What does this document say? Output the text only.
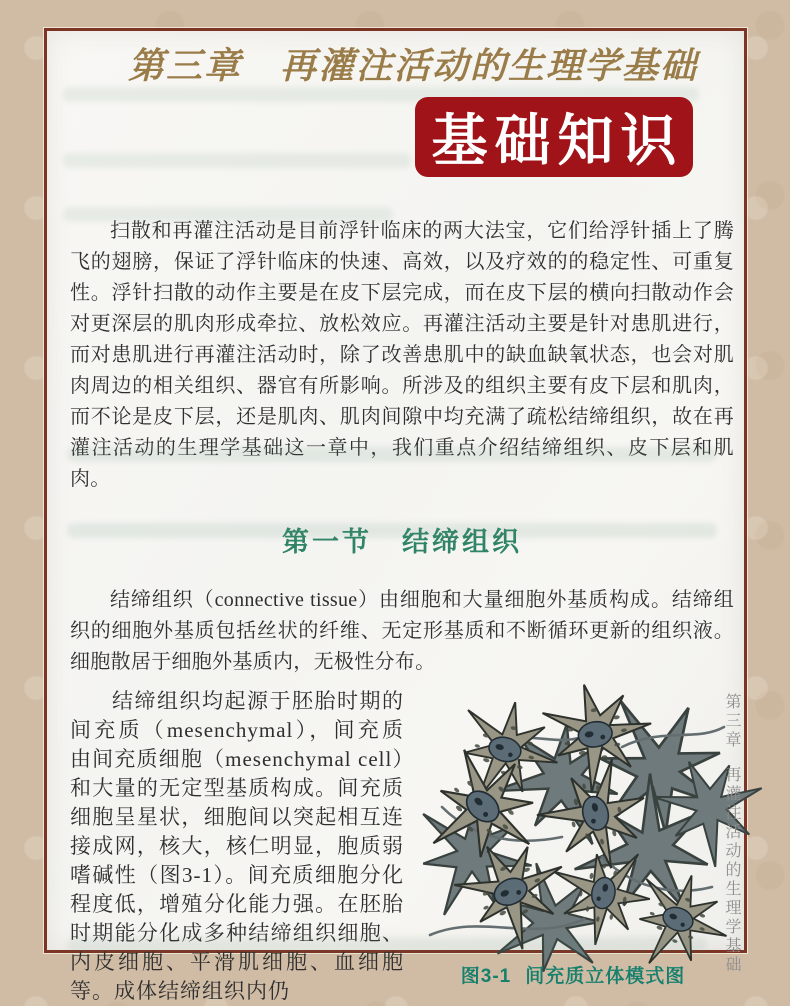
第三章 再灌注活动的生理学基础
基础知识

扫散和再灌注活动是目前浮针临床的两大法宝，它们给浮针插上了腾飞的翅膀，保证了浮针临床的快速、高效，以及疗效的的稳定性、可重复性。浮针扫散的动作主要是在皮下层完成，而在皮下层的横向扫散动作会对更深层的肌肉形成牵拉、放松效应。再灌注活动主要是针对患肌进行，而对患肌进行再灌注活动时，除了改善患肌中的缺血缺氧状态，也会对肌肉周边的相关组织、器官有所影响。所涉及的组织主要有皮下层和肌肉，而不论是皮下层，还是肌肉、肌肉间隙中均充满了疏松结缔组织，故在再灌注活动的生理学基础这一章中，我们重点介绍结缔组织、皮下层和肌肉。

第一节 结缔组织

结缔组织（connective tissue）由细胞和大量细胞外基质构成。结缔组织的细胞外基质包括丝状的纤维、无定形基质和不断循环更新的组织液。细胞散居于细胞外基质内，无极性分布。

图3-1 间充质立体模式图

结缔组织均起源于胚胎时期的间充质（mesenchymal），间充质由间充质细胞（mesenchymal cell）和大量的无定型基质构成。间充质细胞呈星状，细胞间以突起相互连接成网，核大，核仁明显，胞质弱嗜碱性（图3-1）。间充质细胞分化程度低，增殖分化能力强。在胚胎时期能分化成多种结缔组织细胞、内皮细胞、平滑肌细胞、血细胞等。成体结缔组织内仍

第三章再灌注活动的生理学基础
